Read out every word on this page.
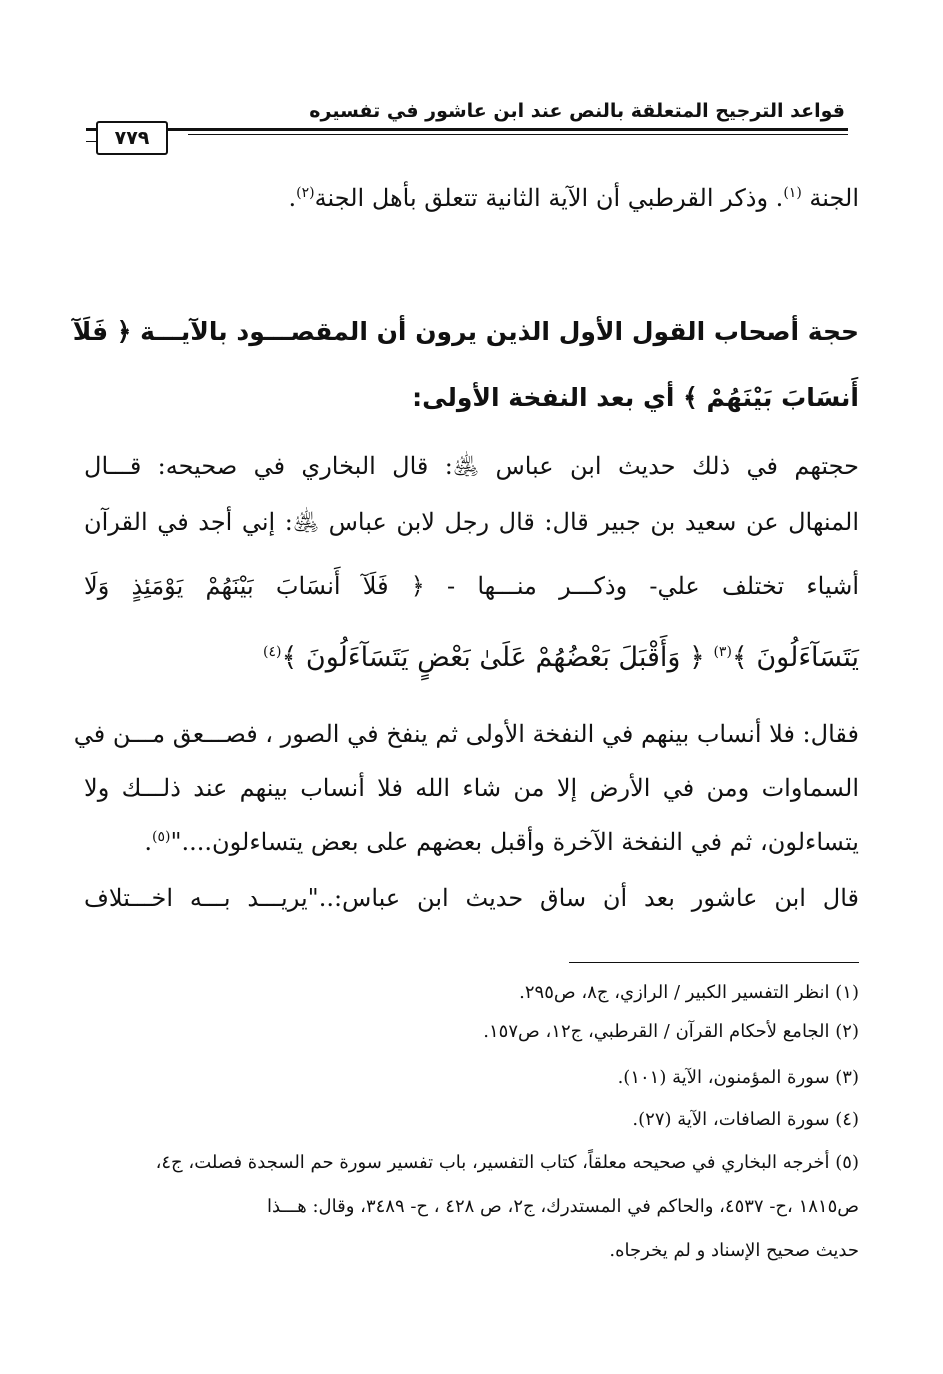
قواعد الترجيح المتعلقة بالنص عند ابن عاشور في تفسيره
٧٧٩
الجنة $^{(١)}$. وذكر القرطبي أن الآية الثانية تتعلق بأهل الجنة$^{(٢)}$.
حجة أصحاب القول الأول الذين يرون أن المقصـــود بالآيـــة ﴿ فَلَآ
أَنسَابَ بَيْنَهُمْ ﴾ أي بعد النفخة الأولى:
حجتهم في ذلك حديث ابن عباس ﵁: قال البخاري في صحيحه: قـــال
المنهال عن سعيد بن جبير قال: قال رجل لابن عباس ﵁: إني أجد في القرآن
أشياء تختلف علي- وذكـــر منـــها - ﴿ فَلَآ أَنسَابَ بَيْنَهُمْ يَوْمَئِذٍ وَلَا
يَتَسَآءَلُونَ ﴾$^{(٣)}$ ﴿ وَأَقْبَلَ بَعْضُهُمْ عَلَىٰ بَعْضٍ يَتَسَآءَلُونَ ﴾$^{(٤)}$
فقال: فلا أنساب بينهم في النفخة الأولى ثم ينفخ في الصور ، فصـــعق مـــن في
السماوات ومن في الأرض إلا من شاء الله فلا أنساب بينهم عند ذلـــك ولا
يتساءلون، ثم في النفخة الآخرة وأقبل بعضهم على بعض يتساءلون...."$^{(٥)}$.
قال ابن عاشور بعد أن ساق حديث ابن عباس:.."يريـــد بـــه اخـــتلاف
(١) انظر التفسير الكبير / الرازي، ج٨، ص٢٩٥.
(٢) الجامع لأحكام القرآن / القرطبي، ج١٢، ص١٥٧.
(٣) سورة المؤمنون، الآية (١٠١).
(٤) سورة الصافات، الآية (٢٧).
(٥) أخرجه البخاري في صحيحه معلقاً، كتاب التفسير، باب تفسير سورة حم السجدة فصلت، ج٤،
ص١٨١٥ ،ح- ٤٥٣٧، والحاكم في المستدرك، ج٢، ص ٤٢٨ ، ح- ٣٤٨٩، وقال: هـــذا
حديث صحيح الإسناد و لم يخرجاه.
